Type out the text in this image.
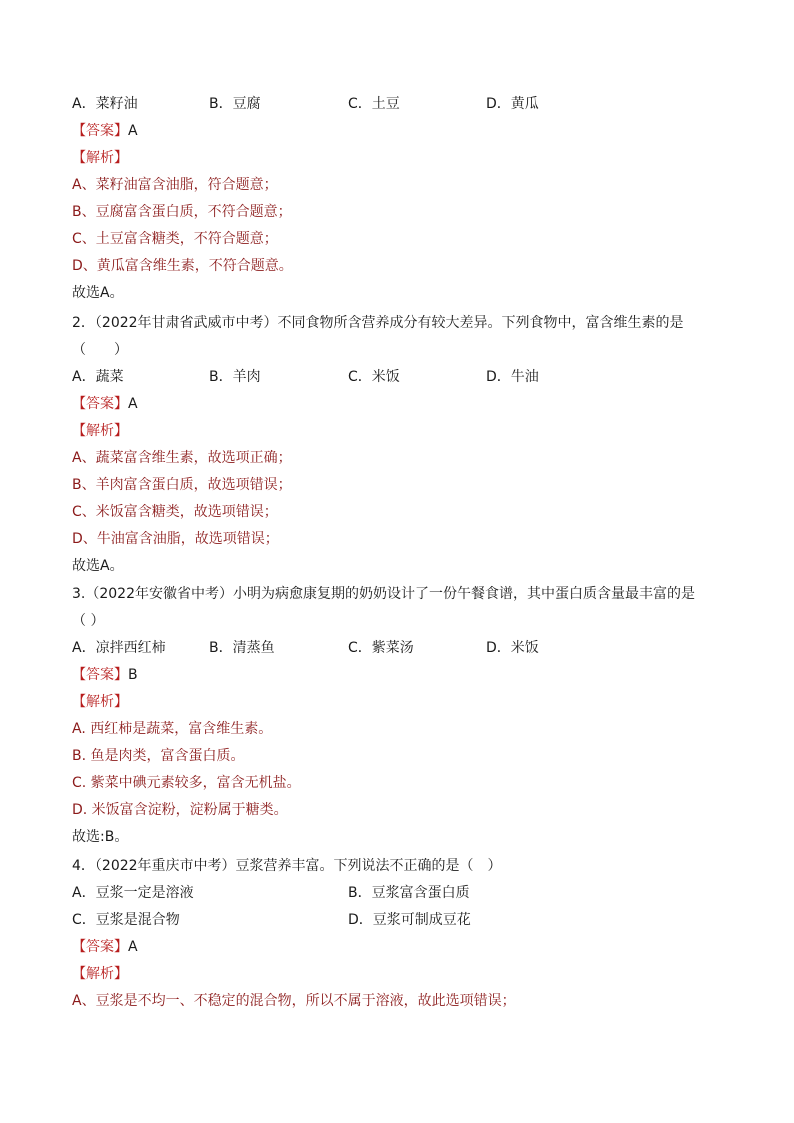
A．菜籽油	B．豆腐	C．土豆	D．黄瓜
【答案】A
【解析】
A、菜籽油富含油脂，符合题意；
B、豆腐富含蛋白质，不符合题意；
C、土豆富含糖类，不符合题意；
D、黄瓜富含维生素，不符合题意。
故选A。
2．（2022年甘肃省武威市中考）不同食物所含营养成分有较大差异。下列食物中，富含维生素的是
（　　）
A．蔬菜	B．羊肉	C．米饭	D．牛油
【答案】A
【解析】
A、蔬菜富含维生素，故选项正确；
B、羊肉富含蛋白质，故选项错误；
C、米饭富含糖类，故选项错误；
D、牛油富含油脂，故选项错误；
故选A。
3.（2022年安徽省中考）小明为病愈康复期的奶奶设计了一份午餐食谱，其中蛋白质含量最丰富的是
（ ）
A．凉拌西红柿	B．清蒸鱼	C．紫菜汤	D．米饭
【答案】B
【解析】
A. 西红柿是蔬菜，富含维生素。
B. 鱼是肉类，富含蛋白质。
C. 紫菜中碘元素较多，富含无机盐。
D. 米饭富含淀粉，淀粉属于糖类。
故选:B。
4．（2022年重庆市中考）豆浆营养丰富。下列说法不正确的是（　）
A．豆浆一定是溶液	B．豆浆富含蛋白质
C．豆浆是混合物	D．豆浆可制成豆花
【答案】A
【解析】
A、豆浆是不均一、不稳定的混合物，所以不属于溶液，故此选项错误；
